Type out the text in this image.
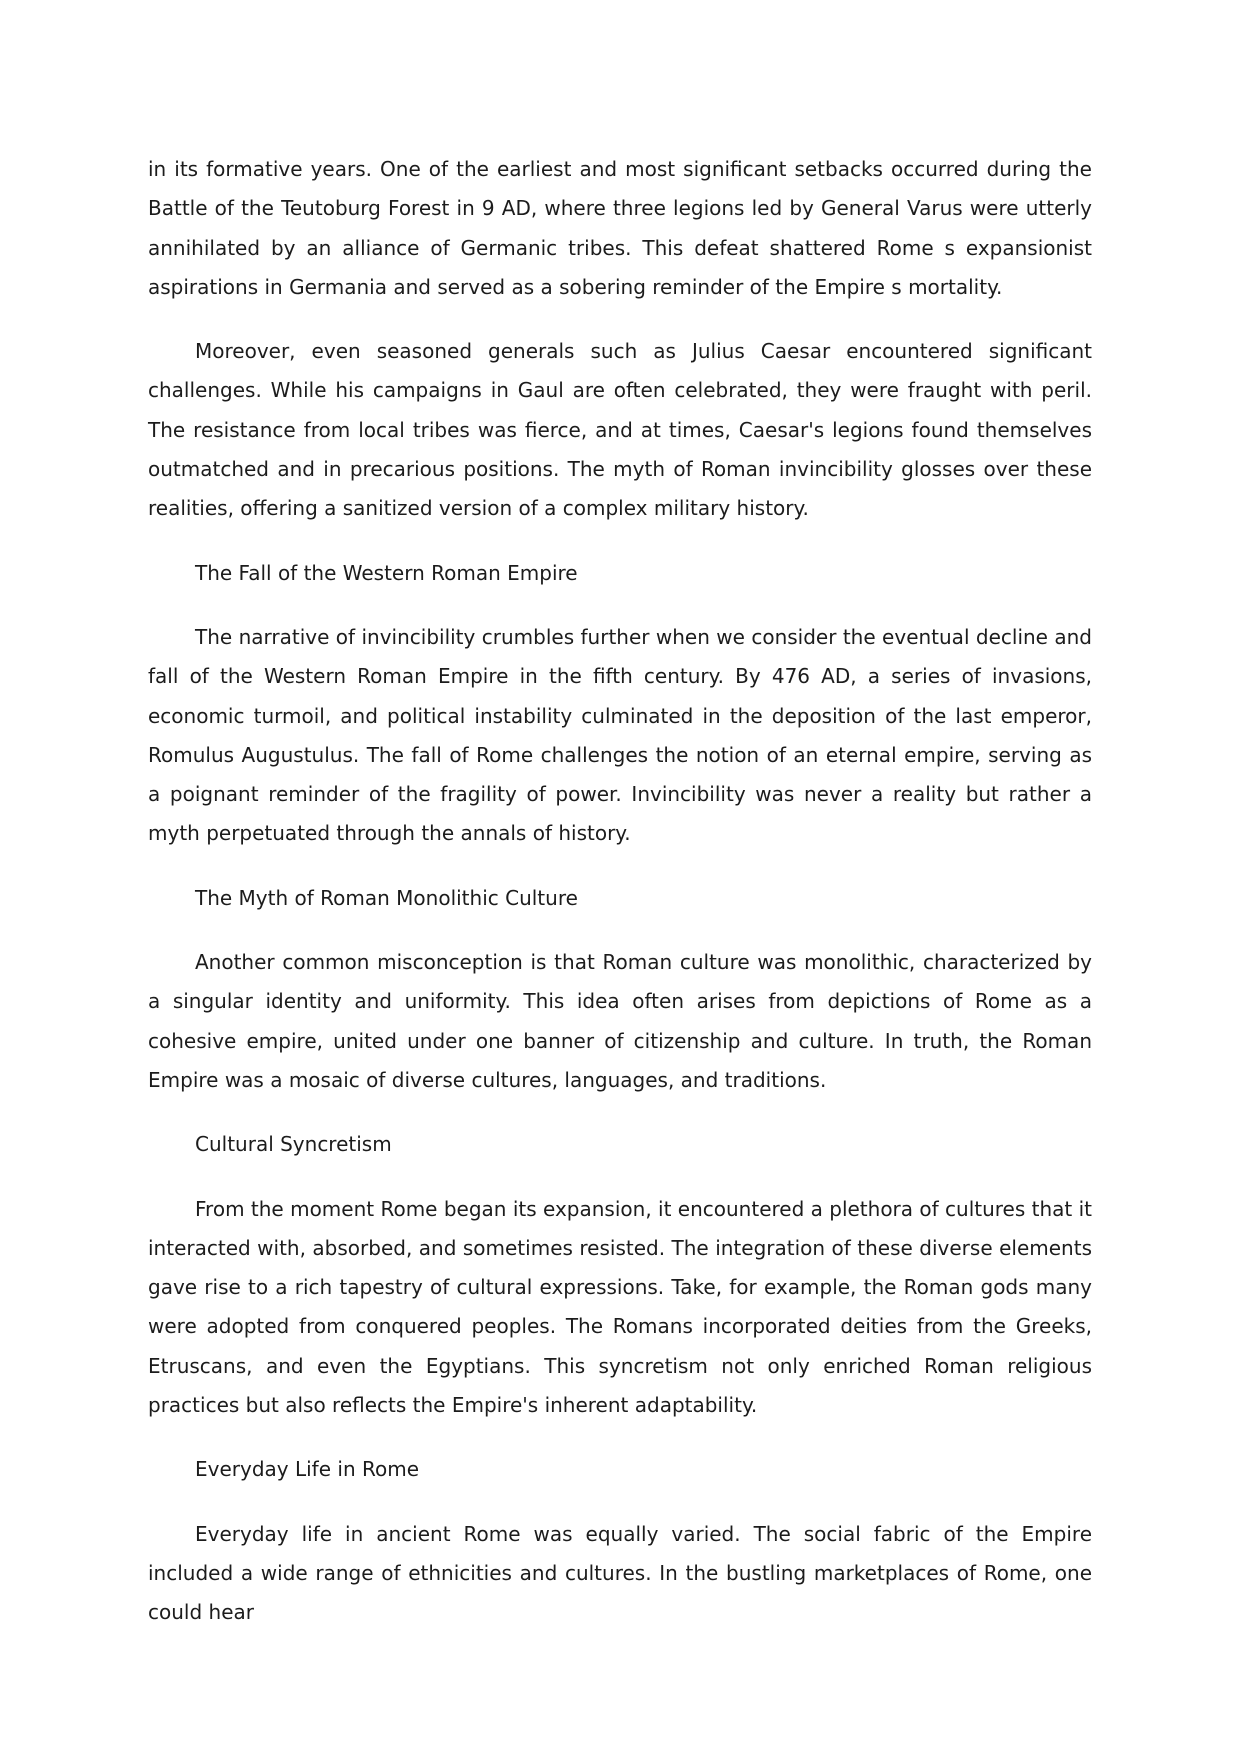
in its formative years. One of the earliest and most significant setbacks occurred during the Battle of the Teutoburg Forest in 9 AD, where three legions led by General Varus were utterly annihilated by an alliance of Germanic tribes. This defeat shattered Rome s expansionist aspirations in Germania and served as a sobering reminder of the Empire s mortality.

Moreover, even seasoned generals such as Julius Caesar encountered significant challenges. While his campaigns in Gaul are often celebrated, they were fraught with peril. The resistance from local tribes was fierce, and at times, Caesar's legions found themselves outmatched and in precarious positions. The myth of Roman invincibility glosses over these realities, offering a sanitized version of a complex military history.

The Fall of the Western Roman Empire

The narrative of invincibility crumbles further when we consider the eventual decline and fall of the Western Roman Empire in the fifth century. By 476 AD, a series of invasions, economic turmoil, and political instability culminated in the deposition of the last emperor, Romulus Augustulus. The fall of Rome challenges the notion of an eternal empire, serving as a poignant reminder of the fragility of power. Invincibility was never a reality but rather a myth perpetuated through the annals of history.

The Myth of Roman Monolithic Culture

Another common misconception is that Roman culture was monolithic, characterized by a singular identity and uniformity. This idea often arises from depictions of Rome as a cohesive empire, united under one banner of citizenship and culture. In truth, the Roman Empire was a mosaic of diverse cultures, languages, and traditions.

Cultural Syncretism

From the moment Rome began its expansion, it encountered a plethora of cultures that it interacted with, absorbed, and sometimes resisted. The integration of these diverse elements gave rise to a rich tapestry of cultural expressions. Take, for example, the Roman gods many were adopted from conquered peoples. The Romans incorporated deities from the Greeks, Etruscans, and even the Egyptians. This syncretism not only enriched Roman religious practices but also reflects the Empire's inherent adaptability.

Everyday Life in Rome

Everyday life in ancient Rome was equally varied. The social fabric of the Empire included a wide range of ethnicities and cultures. In the bustling marketplaces of Rome, one could hear
